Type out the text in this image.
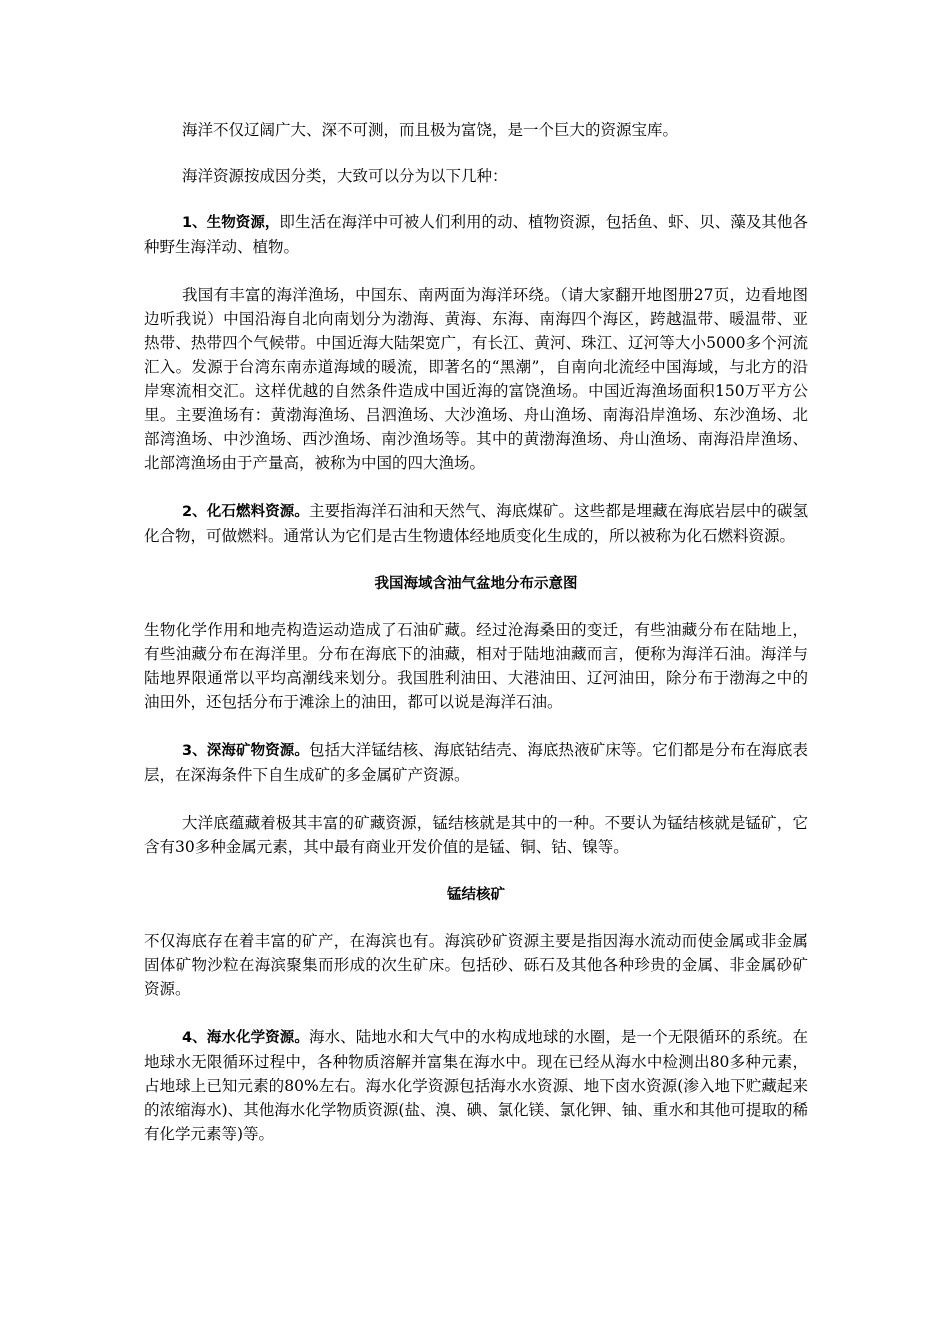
海洋不仅辽阔广大、深不可测，而且极为富饶，是一个巨大的资源宝库。

海洋资源按成因分类，大致可以分为以下几种：

1、生物资源，即生活在海洋中可被人们利用的动、植物资源，包括鱼、虾、贝、藻及其他各种野生海洋动、植物。

我国有丰富的海洋渔场，中国东、南两面为海洋环绕。（请大家翻开地图册27页，边看地图边听我说）中国沿海自北向南划分为渤海、黄海、东海、南海四个海区，跨越温带、暖温带、亚热带、热带四个气候带。中国近海大陆架宽广，有长江、黄河、珠江、辽河等大小5000多个河流汇入。发源于台湾东南赤道海域的暖流，即著名的“黑潮”，自南向北流经中国海域，与北方的沿岸寒流相交汇。这样优越的自然条件造成中国近海的富饶渔场。中国近海渔场面积150万平方公里。主要渔场有：黄渤海渔场、吕泗渔场、大沙渔场、舟山渔场、南海沿岸渔场、东沙渔场、北部湾渔场、中沙渔场、西沙渔场、南沙渔场等。其中的黄渤海渔场、舟山渔场、南海沿岸渔场、北部湾渔场由于产量高，被称为中国的四大渔场。

2、化石燃料资源。主要指海洋石油和天然气、海底煤矿。这些都是埋藏在海底岩层中的碳氢化合物，可做燃料。通常认为它们是古生物遗体经地质变化生成的，所以被称为化石燃料资源。

我国海域含油气盆地分布示意图

生物化学作用和地壳构造运动造成了石油矿藏。经过沧海桑田的变迁，有些油藏分布在陆地上，有些油藏分布在海洋里。分布在海底下的油藏，相对于陆地油藏而言，便称为海洋石油。海洋与陆地界限通常以平均高潮线来划分。我国胜利油田、大港油田、辽河油田，除分布于渤海之中的油田外，还包括分布于滩涂上的油田，都可以说是海洋石油。

3、深海矿物资源。包括大洋锰结核、海底钴结壳、海底热液矿床等。它们都是分布在海底表层，在深海条件下自生成矿的多金属矿产资源。

大洋底蕴藏着极其丰富的矿藏资源，锰结核就是其中的一种。不要认为锰结核就是锰矿，它含有30多种金属元素，其中最有商业开发价值的是锰、铜、钴、镍等。

锰结核矿

不仅海底存在着丰富的矿产，在海滨也有。海滨砂矿资源主要是指因海水流动而使金属或非金属固体矿物沙粒在海滨聚集而形成的次生矿床。包括砂、砾石及其他各种珍贵的金属、非金属砂矿资源。

4、海水化学资源。海水、陆地水和大气中的水构成地球的水圈，是一个无限循环的系统。在地球水无限循环过程中，各种物质溶解并富集在海水中。现在已经从海水中检测出80多种元素，占地球上已知元素的80%左右。海水化学资源包括海水水资源、地下卤水资源(渗入地下贮藏起来的浓缩海水)、其他海水化学物质资源(盐、溴、碘、氯化镁、氯化钾、铀、重水和其他可提取的稀有化学元素等)等。
